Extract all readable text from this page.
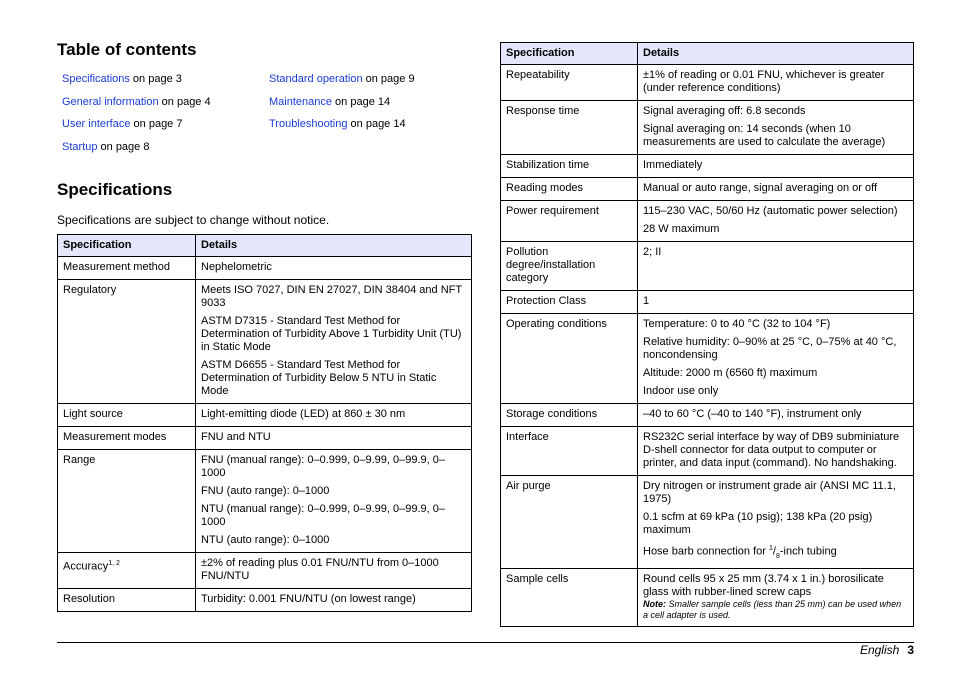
Table of contents
Specifications on page 3	Standard operation on page 9
General information on page 4	Maintenance on page 14
User interface on page 7	Troubleshooting on page 14
Startup on page 8
Specifications

Specifications are subject to change without notice.

Specification	Details
Measurement method	Nephelometric

Regulatory	Meets ISO 7027, DIN EN 27027, DIN 38404 and NFT 9033

ASTM D7315 - Standard Test Method for Determination of Turbidity Above 1 Turbidity Unit (TU) in Static Mode

ASTM D6655 - Standard Test Method for Determination of Turbidity Below 5 NTU in Static Mode

Light source	Light-emitting diode (LED) at 860 ± 30 nm

Measurement modes	FNU and NTU

Range	FNU (manual range): 0–0.999, 0–9.99, 0–99.9, 0–1000

FNU (auto range): 0–1000

NTU (manual range): 0–0.999, 0–9.99, 0–99.9, 0–1000

NTU (auto range): 0–1000

Accuracy$^{1, 2}$	±2% of reading plus 0.01 FNU/NTU from 0–1000 FNU/NTU

Resolution	Turbidity: 0.001 FNU/NTU (on lowest range)

Specification	Details
Repeatability	±1% of reading or 0.01 FNU, whichever is greater (under reference conditions)

Response time	Signal averaging off: 6.8 seconds

Signal averaging on: 14 seconds (when 10 measurements are used to calculate the average)

Stabilization time	Immediately

Reading modes	Manual or auto range, signal averaging on or off

Power requirement	115–230 VAC, 50/60 Hz (automatic power selection)

28 W maximum

Pollution degree/installation category	2; II

Protection Class	1

Operating conditions	Temperature: 0 to 40 °C (32 to 104 °F)

Relative humidity: 0–90% at 25 °C, 0–75% at 40 °C, noncondensing

Altitude: 2000 m (6560 ft) maximum

Indoor use only

Storage conditions	–40 to 60 °C (–40 to 140 °F), instrument only

Interface	RS232C serial interface by way of DB9 subminiature D-shell connector for data output to computer or printer, and data input (command). No handshaking.

Air purge	Dry nitrogen or instrument grade air (ANSI MC 11.1, 1975)

0.1 scfm at 69 kPa (10 psig); 138 kPa (20 psig) maximum

Hose barb connection for $^1/_8$-inch tubing

Sample cells	Round cells 95 x 25 mm (3.74 x 1 in.) borosilicate glass with rubber-lined screw caps

Note: Smaller sample cells (less than 25 mm) can be used when a cell adapter is used.
English 3
